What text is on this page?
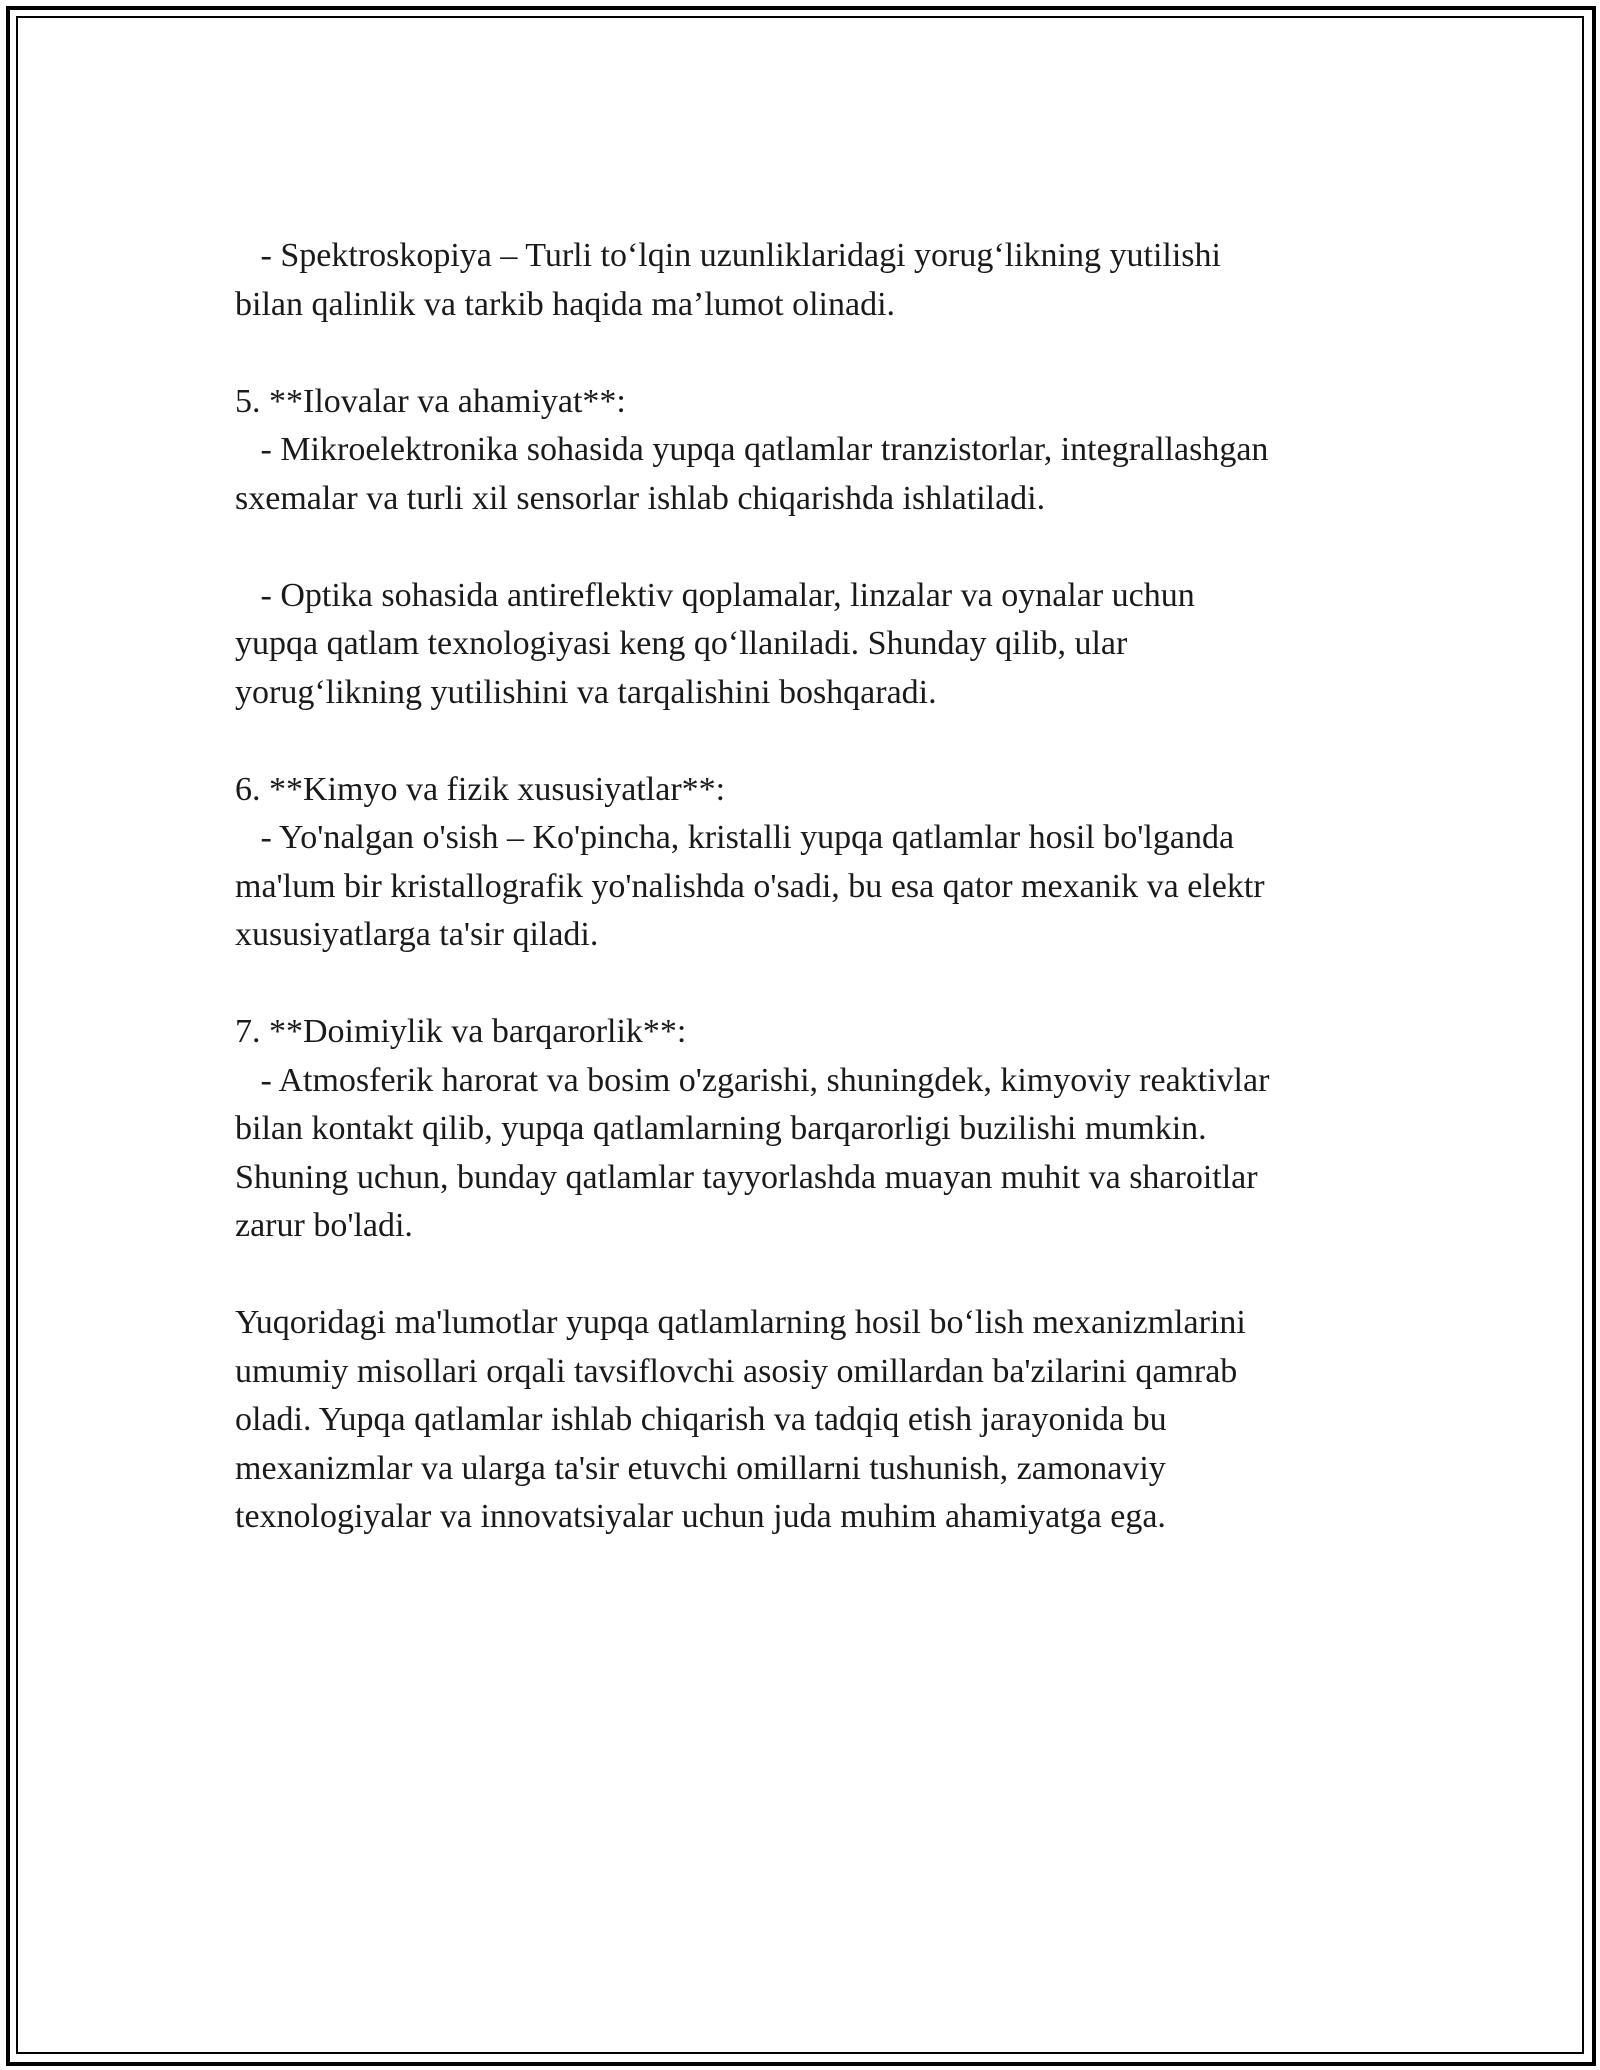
- Spektroskopiya – Turli to‘lqin uzunliklaridagi yorug‘likning yutilishi
bilan qalinlik va tarkib haqida ma’lumot olinadi.
5. **Ilovalar va ahamiyat**:
- Mikroelektronika sohasida yupqa qatlamlar tranzistorlar, integrallashgan
sxemalar va turli xil sensorlar ishlab chiqarishda ishlatiladi.
- Optika sohasida antireflektiv qoplamalar, linzalar va oynalar uchun
yupqa qatlam texnologiyasi keng qo‘llaniladi. Shunday qilib, ular
yorug‘likning yutilishini va tarqalishini boshqaradi.
6. **Kimyo va fizik xususiyatlar**:
- Yo'nalgan o'sish – Ko'pincha, kristalli yupqa qatlamlar hosil bo'lganda
ma'lum bir kristallografik yo'nalishda o'sadi, bu esa qator mexanik va elektr
xususiyatlarga ta'sir qiladi.
7. **Doimiylik va barqarorlik**:
- Atmosferik harorat va bosim o'zgarishi, shuningdek, kimyoviy reaktivlar
bilan kontakt qilib, yupqa qatlamlarning barqarorligi buzilishi mumkin.
Shuning uchun, bunday qatlamlar tayyorlashda muayan muhit va sharoitlar
zarur bo'ladi.
Yuqoridagi ma'lumotlar yupqa qatlamlarning hosil bo‘lish mexanizmlarini
umumiy misollari orqali tavsiflovchi asosiy omillardan ba'zilarini qamrab
oladi. Yupqa qatlamlar ishlab chiqarish va tadqiq etish jarayonida bu
mexanizmlar va ularga ta'sir etuvchi omillarni tushunish, zamonaviy
texnologiyalar va innovatsiyalar uchun juda muhim ahamiyatga ega.
